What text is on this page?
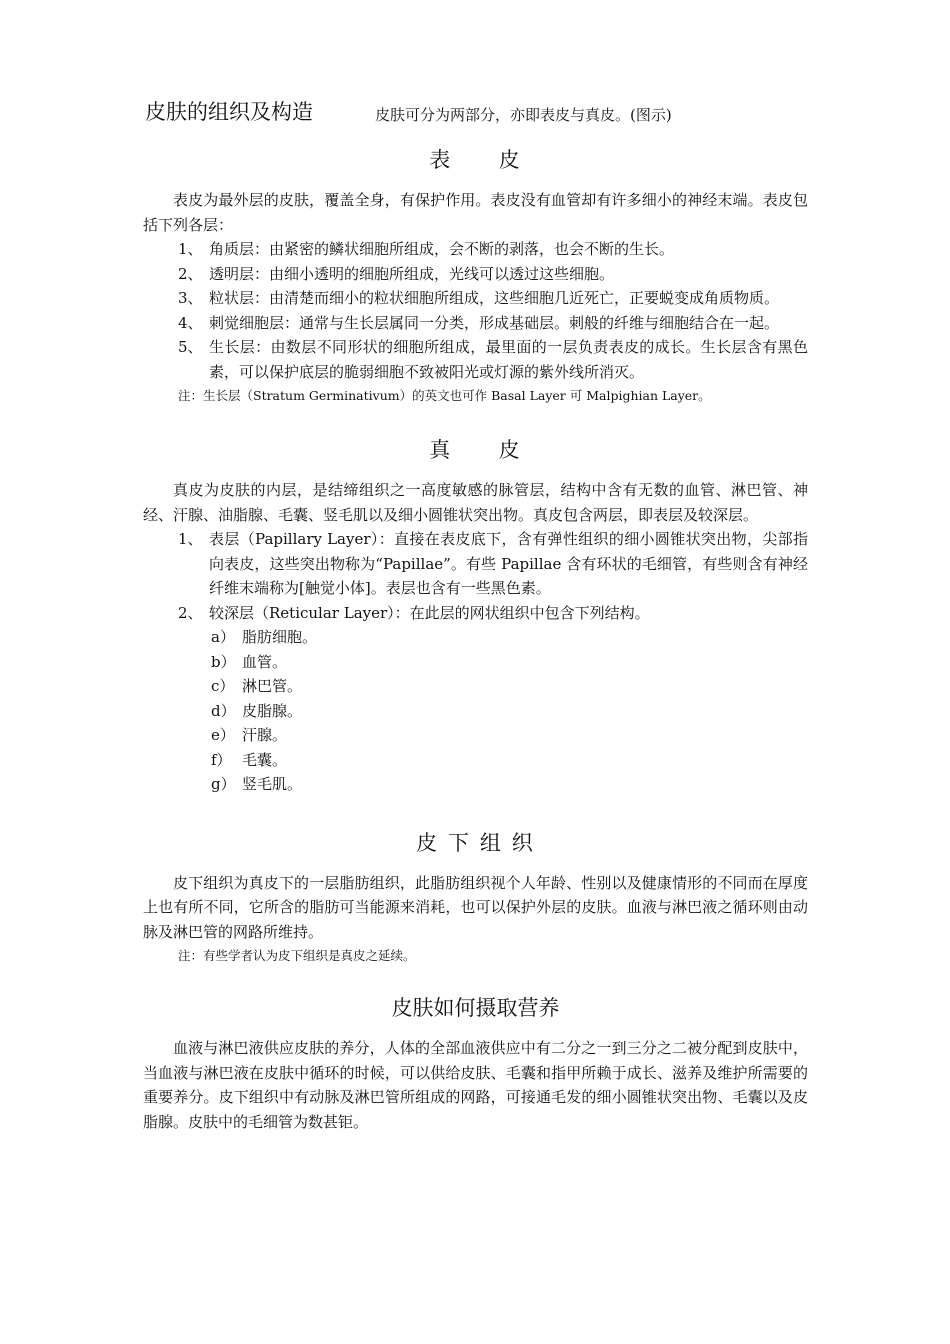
皮肤的组织及构造	皮肤可分为两部分，亦即表皮与真皮。(图示)
表　　皮

表皮为最外层的皮肤，覆盖全身，有保护作用。表皮没有血管却有许多细小的神经末端。表皮包括下列各层：

1、 角质层：由紧密的鳞状细胞所组成，会不断的剥落，也会不断的生长。
2、 透明层：由细小透明的细胞所组成，光线可以透过这些细胞。
3、 粒状层：由清楚而细小的粒状细胞所组成，这些细胞几近死亡，正要蜕变成角质物质。
4、 刺觉细胞层：通常与生长层属同一分类，形成基础层。刺般的纤维与细胞结合在一起。
5、 生长层：由数层不同形状的细胞所组成，最里面的一层负责表皮的成长。生长层含有黑色素，可以保护底层的脆弱细胞不致被阳光或灯源的紫外线所消灭。
注：生长层（Stratum Germinativum）的英文也可作 Basal Layer 可 Malpighian Layer。
真　　皮

真皮为皮肤的内层，是结缔组织之一高度敏感的脉管层，结构中含有无数的血管、淋巴管、神经、汗腺、油脂腺、毛囊、竖毛肌以及细小圆锥状突出物。真皮包含两层，即表层及较深层。

1、 表层（Papillary Layer）：直接在表皮底下，含有弹性组织的细小圆锥状突出物，尖部指向表皮，这些突出物称为“Papillae”。有些 Papillae 含有环状的毛细管，有些则含有神经纤维末端称为[触觉小体]。表层也含有一些黑色素。
2、 较深层（Reticular Layer）：在此层的网状组织中包含下列结构。
a） 脂肪细胞。
b） 血管。
c） 淋巴管。
d） 皮脂腺。
e） 汗腺。
f） 毛囊。
g） 竖毛肌。
皮 下 组 织

皮下组织为真皮下的一层脂肪组织，此脂肪组织视个人年龄、性别以及健康情形的不同而在厚度上也有所不同，它所含的脂肪可当能源来消耗，也可以保护外层的皮肤。血液与淋巴液之循环则由动脉及淋巴管的网路所维持。

注：有些学者认为皮下组织是真皮之延续。
皮肤如何摄取营养

血液与淋巴液供应皮肤的养分，人体的全部血液供应中有二分之一到三分之二被分配到皮肤中，当血液与淋巴液在皮肤中循环的时候，可以供给皮肤、毛囊和指甲所赖于成长、滋养及维护所需要的重要养分。皮下组织中有动脉及淋巴管所组成的网路，可接通毛发的细小圆锥状突出物、毛囊以及皮脂腺。皮肤中的毛细管为数甚钜。
